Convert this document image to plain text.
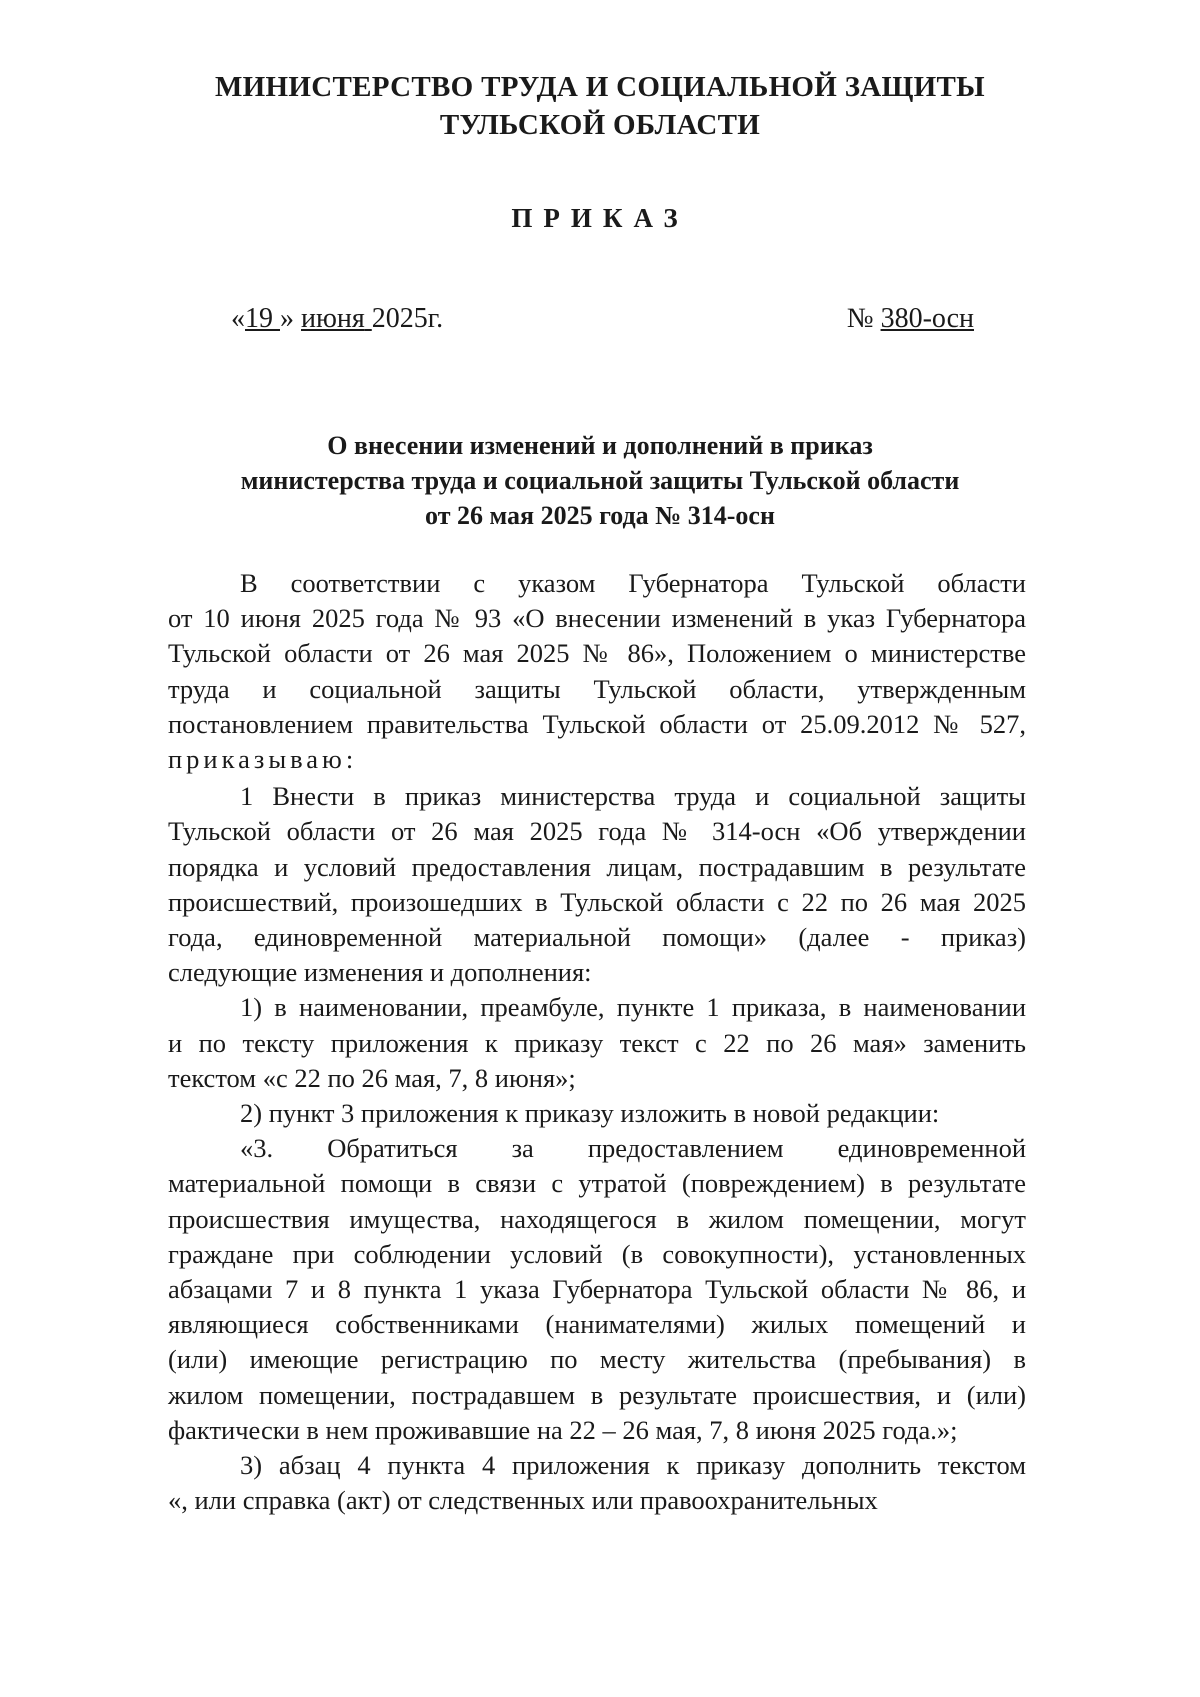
МИНИСТЕРСТВО ТРУДА И СОЦИАЛЬНОЙ ЗАЩИТЫ
ТУЛЬСКОЙ ОБЛАСТИ
ПРИКАЗ
«19 » июня 2025г.	№ 380-осн
О внесении изменений и дополнений в приказ
министерства труда и социальной защиты Тульской области
от 26 мая 2025 года № 314-осн
В соответствии с указом Губернатора Тульской области
от 10 июня 2025 года № 93 «О внесении изменений в указ Губернатора
Тульской области от 26 мая 2025 № 86», Положением о министерстве
труда и социальной защиты Тульской области, утвержденным
постановлением правительства Тульской области от 25.09.2012 № 527,
приказываю:
1 Внести в приказ министерства труда и социальной защиты
Тульской области от 26 мая 2025 года № 314-осн «Об утверждении
порядка и условий предоставления лицам, пострадавшим в результате
происшествий, произошедших в Тульской области с 22 по 26 мая 2025
года, единовременной материальной помощи» (далее - приказ)
следующие изменения и дополнения:
1) в наименовании, преамбуле, пункте 1 приказа, в наименовании
и по тексту приложения к приказу текст с 22 по 26 мая» заменить
текстом «с 22 по 26 мая, 7, 8 июня»;
2) пункт 3 приложения к приказу изложить в новой редакции:
«3. Обратиться за предоставлением единовременной
материальной помощи в связи с утратой (повреждением) в результате
происшествия имущества, находящегося в жилом помещении, могут
граждане при соблюдении условий (в совокупности), установленных
абзацами 7 и 8 пункта 1 указа Губернатора Тульской области № 86, и
являющиеся собственниками (нанимателями) жилых помещений и
(или) имеющие регистрацию по месту жительства (пребывания) в
жилом помещении, пострадавшем в результате происшествия, и (или)
фактически в нем проживавшие на 22 – 26 мая, 7, 8 июня 2025 года.»;
3) абзац 4 пункта 4 приложения к приказу дополнить текстом
«, или справка (акт) от следственных или правоохранительных
